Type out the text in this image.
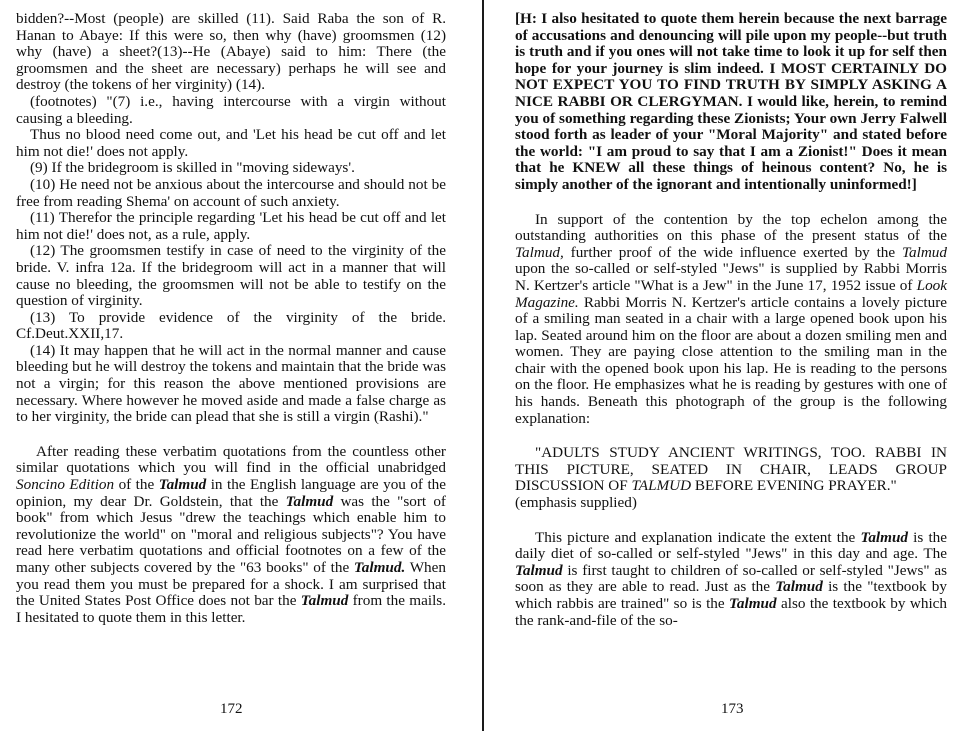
bidden?--Most (people) are skilled (11). Said Raba the son of R. Hanan to Abaye: If this were so, then why (have) groomsmen (12) why (have) a sheet?(13)--He (Abaye) said to him: There (the groomsmen and the sheet are necessary) perhaps he will see and destroy (the tokens of her virginity) (14).

(footnotes) "(7) i.e., having intercourse with a virgin without causing a bleeding.

Thus no blood need come out, and 'Let his head be cut off and let him not die!' does not apply.

(9) If the bridegroom is skilled in "moving sideways'.

(10) He need not be anxious about the intercourse and should not be free from reading Shema' on account of such anxiety.

(11) Therefor the principle regarding 'Let his head be cut off and let him not die!' does not, as a rule, apply.

(12) The groomsmen testify in case of need to the virginity of the bride. V. infra 12a. If the bridegroom will act in a manner that will cause no bleeding, the groomsmen will not be able to testify on the question of virginity.

(13) To provide evidence of the virginity of the bride. Cf.Deut.XXII,17.

(14) It may happen that he will act in the normal manner and cause bleeding but he will destroy the tokens and maintain that the bride was not a virgin; for this reason the above mentioned provisions are necessary. Where however he moved aside and made a false charge as to her virginity, the bride can plead that she is still a virgin (Rashi)."

After reading these verbatim quotations from the countless other similar quotations which you will find in the official unabridged Soncino Edition of the Talmud in the English language are you of the opinion, my dear Dr. Goldstein, that the Talmud was the "sort of book" from which Jesus "drew the teachings which enable him to revolutionize the world" on "moral and religious subjects"? You have read here verbatim quotations and official footnotes on a few of the many other subjects covered by the "63 books" of the Talmud. When you read them you must be prepared for a shock. I am surprised that the United States Post Office does not bar the Talmud from the mails. I hesitated to quote them in this letter.

172

[H: I also hesitated to quote them herein because the next barrage of accusations and denouncing will pile upon my people--but truth is truth and if you ones will not take time to look it up for self then hope for your journey is slim indeed. I MOST CERTAINLY DO NOT EXPECT YOU TO FIND TRUTH BY SIMPLY ASKING A NICE RABBI OR CLERGYMAN. I would like, herein, to remind you of something regarding these Zionists; Your own Jerry Falwell stood forth as leader of your "Moral Majority" and stated before the world: "I am proud to say that I am a Zionist!" Does it mean that he KNEW all these things of heinous content? No, he is simply another of the ignorant and intentionally uninformed!]

In support of the contention by the top echelon among the outstanding authorities on this phase of the present status of the Talmud, further proof of the wide influence exerted by the Talmud upon the so-called or self-styled "Jews" is supplied by Rabbi Morris N. Kertzer's article "What is a Jew" in the June 17, 1952 issue of Look Magazine. Rabbi Morris N. Kertzer's article contains a lovely picture of a smiling man seated in a chair with a large opened book upon his lap. Seated around him on the floor are about a dozen smiling men and women. They are paying close attention to the smiling man in the chair with the opened book upon his lap. He is reading to the persons on the floor. He emphasizes what he is reading by gestures with one of his hands. Beneath this photograph of the group is the following explanation:

"ADULTS STUDY ANCIENT WRITINGS, TOO. RABBI IN THIS PICTURE, SEATED IN CHAIR, LEADS GROUP DISCUSSION OF TALMUD BEFORE EVENING PRAYER."

(emphasis supplied)

This picture and explanation indicate the extent the Talmud is the daily diet of so-called or self-styled "Jews" in this day and age. The Talmud is first taught to children of so-called or self-styled "Jews" as soon as they are able to read. Just as the Talmud is the "textbook by which rabbis are trained" so is the Talmud also the textbook by which the rank-and-file of the so-

173
